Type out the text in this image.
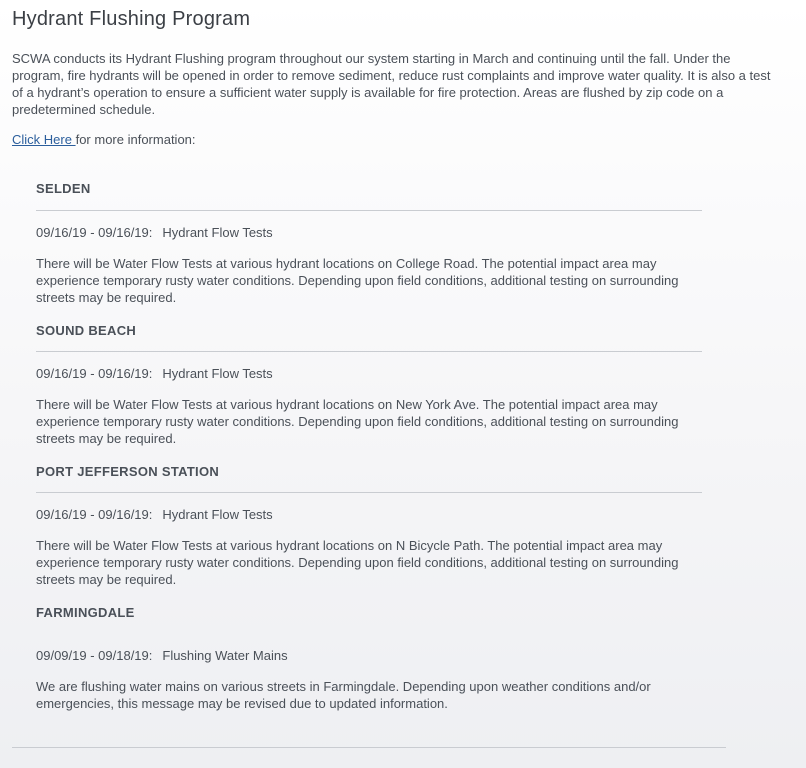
Hydrant Flushing Program
SCWA conducts its Hydrant Flushing program throughout our system starting in March and continuing until the fall. Under the program, fire hydrants will be opened in order to remove sediment, reduce rust complaints and improve water quality. It is also a test of a hydrant’s operation to ensure a sufficient water supply is available for fire protection. Areas are flushed by zip code on a predetermined schedule.
Click Here for more information:
SELDEN
09/16/19 - 09/16/19: Hydrant Flow Tests
There will be Water Flow Tests at various hydrant locations on College Road. The potential impact area may experience temporary rusty water conditions. Depending upon field conditions, additional testing on surrounding streets may be required.
SOUND BEACH
09/16/19 - 09/16/19: Hydrant Flow Tests
There will be Water Flow Tests at various hydrant locations on New York Ave. The potential impact area may experience temporary rusty water conditions. Depending upon field conditions, additional testing on surrounding streets may be required.
PORT JEFFERSON STATION
09/16/19 - 09/16/19: Hydrant Flow Tests
There will be Water Flow Tests at various hydrant locations on N Bicycle Path. The potential impact area may experience temporary rusty water conditions. Depending upon field conditions, additional testing on surrounding streets may be required.
FARMINGDALE
09/09/19 - 09/18/19: Flushing Water Mains
We are flushing water mains on various streets in Farmingdale. Depending upon weather conditions and/or emergencies, this message may be revised due to updated information.
